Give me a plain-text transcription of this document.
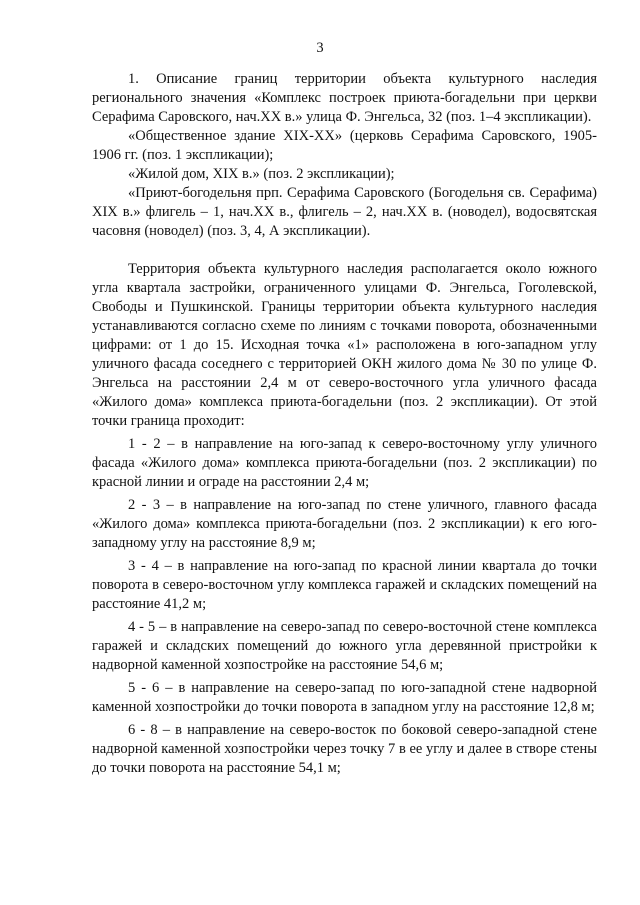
3

1. Описание границ территории объекта культурного наследия регионального значения «Комплекс построек приюта-богадельни при церкви Серафима Саровского, нач.XX в.» улица Ф. Энгельса, 32 (поз. 1–4 экспликации).

«Общественное здание XIX-XX» (церковь Серафима Саровского, 1905-1906 гг. (поз. 1 экспликации);

«Жилой дом, XIX в.» (поз. 2 экспликации);

«Приют-богодельня прп. Серафима Саровского (Богодельня св. Серафима) XIX в.» флигель – 1, нач.XX в., флигель – 2, нач.XX в. (новодел), водосвятская часовня (новодел) (поз. 3, 4, А экспликации).

Территория объекта культурного наследия располагается около южного угла квартала застройки, ограниченного улицами Ф. Энгельса, Гоголевской, Свободы и Пушкинской. Границы территории объекта культурного наследия устанавливаются согласно схеме по линиям с точками поворота, обозначенными цифрами: от 1 до 15. Исходная точка «1» расположена в юго-западном углу уличного фасада соседнего с территорией ОКН жилого дома № 30 по улице Ф. Энгельса на расстоянии 2,4 м от северо-восточного угла уличного фасада «Жилого дома» комплекса приюта-богадельни (поз. 2 экспликации). От этой точки граница проходит:

1 - 2 – в направление на юго-запад к северо-восточному углу уличного фасада «Жилого дома» комплекса приюта-богадельни (поз. 2 экспликации) по красной линии и ограде на расстоянии 2,4 м;

2 - 3 – в направление на юго-запад по стене уличного, главного фасада «Жилого дома» комплекса приюта-богадельни (поз. 2 экспликации) к его юго-западному углу на расстояние 8,9 м;

3 - 4 – в направление на юго-запад по красной линии квартала до точки поворота в северо-восточном углу комплекса гаражей и складских помещений на расстояние 41,2 м;

4 - 5 – в направление на северо-запад по северо-восточной стене комплекса гаражей и складских помещений до южного угла деревянной пристройки к надворной каменной хозпостройке на расстояние 54,6 м;

5 - 6 – в направление на северо-запад по юго-западной стене надворной каменной хозпостройки до точки поворота в западном углу на расстояние 12,8 м;

6 - 8 – в направление на северо-восток по боковой северо-западной стене надворной каменной хозпостройки через точку 7 в ее углу и далее в створе стены до точки поворота на расстояние 54,1 м;
